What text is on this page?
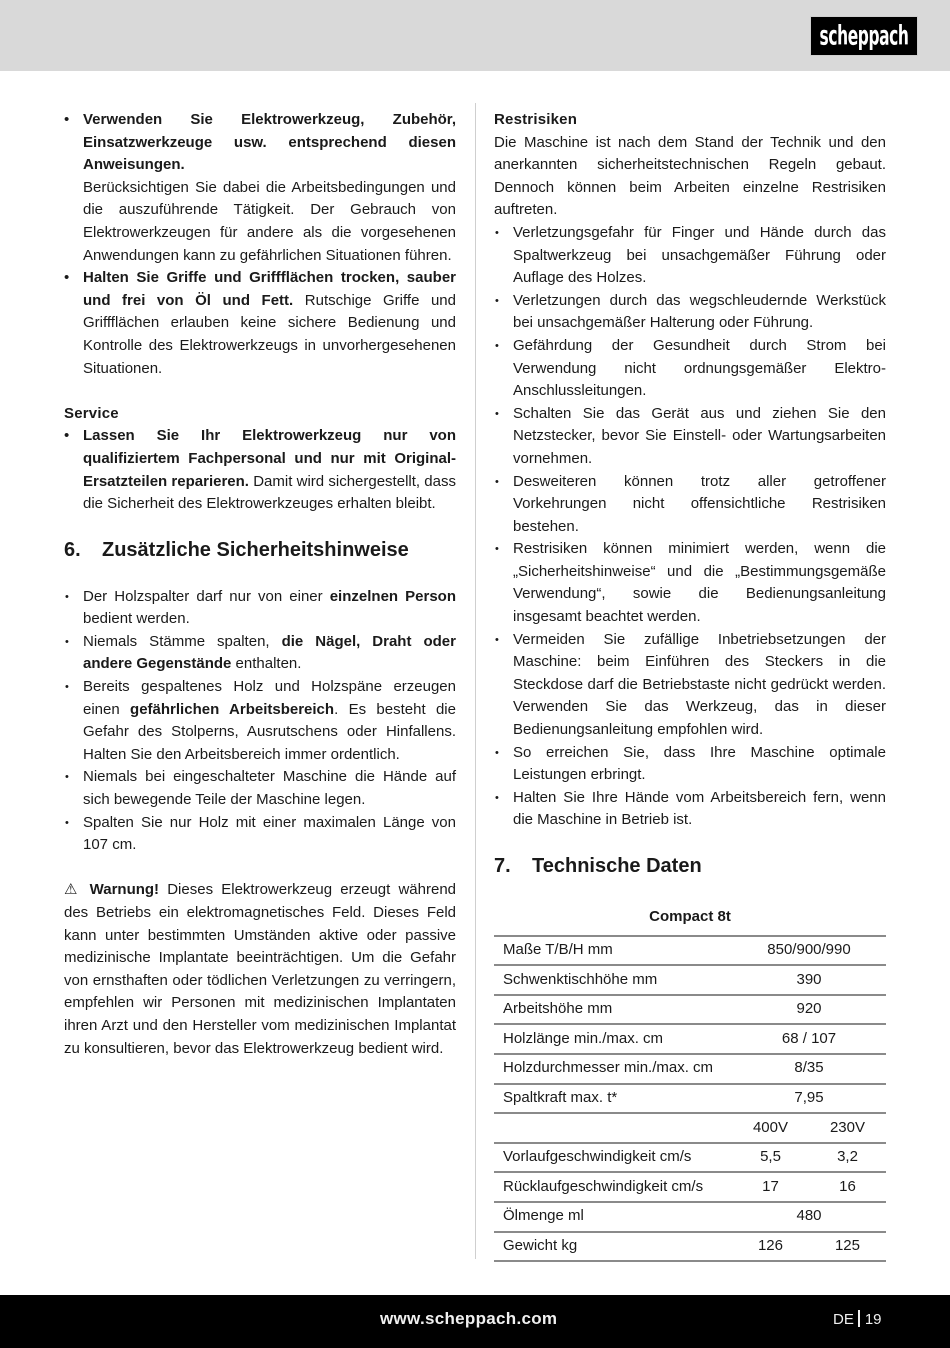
scheppach
• Verwenden Sie Elektrowerkzeug, Zubehör, Einsatzwerkzeuge usw. entsprechend diesen Anweisungen.
Berücksichtigen Sie dabei die Arbeitsbedingungen und die auszuführende Tätigkeit. Der Gebrauch von Elektrowerkzeugen für andere als die vorgesehenen Anwendungen kann zu gefährlichen Situationen führen.
• Halten Sie Griffe und Griffflächen trocken, sauber und frei von Öl und Fett. Rutschige Griffe und Griffflächen erlauben keine sichere Bedienung und Kontrolle des Elektrowerkzeugs in unvorhergesehenen Situationen.
Service
• Lassen Sie Ihr Elektrowerkzeug nur von qualifiziertem Fachpersonal und nur mit Original-Ersatzteilen reparieren. Damit wird sichergestellt, dass die Sicherheit des Elektrowerkzeuges erhalten bleibt.
6. Zusätzliche Sicherheitshinweise
• Der Holzspalter darf nur von einer einzelnen Person bedient werden.
• Niemals Stämme spalten, die Nägel, Draht oder andere Gegenstände enthalten.
• Bereits gespaltenes Holz und Holzspäne erzeugen einen gefährlichen Arbeitsbereich. Es besteht die Gefahr des Stolperns, Ausrutschens oder Hinfallens. Halten Sie den Arbeitsbereich immer ordentlich.
• Niemals bei eingeschalteter Maschine die Hände auf sich bewegende Teile der Maschine legen.
• Spalten Sie nur Holz mit einer maximalen Länge von 107 cm.
⚠ Warnung! Dieses Elektrowerkzeug erzeugt während des Betriebs ein elektromagnetisches Feld. Dieses Feld kann unter bestimmten Umständen aktive oder passive medizinische Implantate beeinträchtigen. Um die Gefahr von ernsthaften oder tödlichen Verletzungen zu verringern, empfehlen wir Personen mit medizinischen Implantaten ihren Arzt und den Hersteller vom medizinischen Implantat zu konsultieren, bevor das Elektrowerkzeug bedient wird.
Restrisiken
Die Maschine ist nach dem Stand der Technik und den anerkannten sicherheitstechnischen Regeln gebaut. Dennoch können beim Arbeiten einzelne Restrisiken auftreten.
• Verletzungsgefahr für Finger und Hände durch das Spaltwerkzeug bei unsachgemäßer Führung oder Auflage des Holzes.
• Verletzungen durch das wegschleudernde Werkstück bei unsachgemäßer Halterung oder Führung.
• Gefährdung der Gesundheit durch Strom bei Verwendung nicht ordnungsgemäßer Elektro-Anschlussleitungen.
• Schalten Sie das Gerät aus und ziehen Sie den Netzstecker, bevor Sie Einstell- oder Wartungsarbeiten vornehmen.
• Desweiteren können trotz aller getroffener Vorkehrungen nicht offensichtliche Restrisiken bestehen.
• Restrisiken können minimiert werden, wenn die „Sicherheitshinweise“ und die „Bestimmungsgemäße Verwendung“, sowie die Bedienungsanleitung insgesamt beachtet werden.
• Vermeiden Sie zufällige Inbetriebsetzungen der Maschine: beim Einführen des Steckers in die Steckdose darf die Betriebstaste nicht gedrückt werden. Verwenden Sie das Werkzeug, das in dieser Bedienungsanleitung empfohlen wird.
• So erreichen Sie, dass Ihre Maschine optimale Leistungen erbringt.
• Halten Sie Ihre Hände vom Arbeitsbereich fern, wenn die Maschine in Betrieb ist.
7. Technische Daten
Compact 8t
Maße T/B/H mm	850/900/990	
Schwenktischhöhe mm	390	
Arbeitshöhe mm	920	
Holzlänge min./max. cm	68 / 107	
Holzdurchmesser min./max. cm	8/35	
Spaltkraft max. t*	7,95	
	400V	230V
Vorlaufgeschwindigkeit cm/s	5,5	3,2
Rücklaufgeschwindigkeit cm/s	17	16
Ölmenge ml	480	
Gewicht kg	126	125
www.scheppach.com	DE 19
